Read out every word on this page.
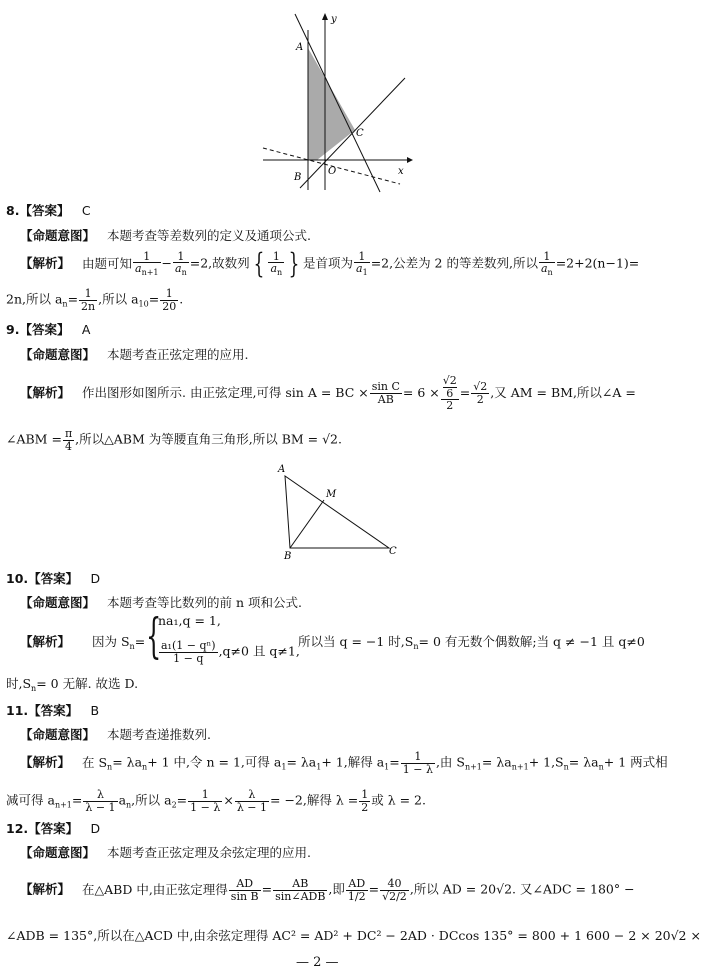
y
x
A
C
O
B
8.【答案】 C
【命题意图】 本题考查等差数列的定义及通项公式.
【解析】 由题可知 $\frac{1}{a_{n+1}} - \frac{1}{a_n} =2$,故数列 { $\frac{1}{a_n}$ } 是首项为 $\frac{1}{a_1} =2$,公差为 2 的等差数列,所以 $\frac{1}{a_n} =2+2(n-1)=$
2n,所以 $a_n= \frac{1}{2n}$ ,所以 $a_{10}= \frac{1}{20}$ .
9.【答案】 A
【命题意图】 本题考查正弦定理的应用.
【解析】 作出图形如图所示. 由正弦定理,可得 sin A = BC × $\frac{\text{sin C}}{AB} = 6 \times √2$
6
$2 = \frac{√2}{2}$ ,又 AM = BM,所以∠A =
∠ABM = $\frac{\pi}{4}$ ,所以△ABM 为等腰直角三角形,所以 BM = √2.
A
M
B	C
10.【答案】 D
【命题意图】 本题考查等比数列的前 n 项和公式.
【解析】 因为 $S_n=$ {
na₁,q = 1,
$\frac{\text{a₁(1 − qⁿ)}}{1 - q} ,q\ne 0$ 且 q≠1,
所以当 q = −1 时$,S_n= 0$ 有无数个偶数解;当 q ≠ −1 且 q≠0
时$,S_n= 0$ 无解. 故选 D.
11.【答案】 B
【命题意图】 本题考查递推数列.
【解析】 在 $S_n= \lambda a_n+ 1$ 中,令 n = 1,可得 $a_1= \lambda a_1+ 1$,解得 $a_1= \frac{1}{1 - \lambda}$ ,由 $S_{n+1}= \lambda a_{n+1}+ 1,S_n= \lambda a_n+ 1$ 两式相
减可得 $a_{n+1}= \frac{\lambda}{\lambda - 1} a_n$,所以 $a_2= \frac{1}{1 - \lambda} \times \frac{\lambda}{\lambda - 1} = -2$,解得 $\lambda = \frac{1}{2}$ 或 λ = 2.
12.【答案】 D
【命题意图】 本题考查正弦定理及余弦定理的应用.
【解析】 在△ABD 中,由正弦定理得 $\frac{AD}{\text{sin B}} = \frac{AB}{\text{sin∠ADB}}$ ,即 $\frac{AD}{1/2} = \frac{40}{√2/2}$ ,所以 AD = 20√2. 又∠ADC = 180° −
∠ADB = 135°,所以在△ACD 中,由余弦定理得 AC² = AD² + DC² − 2AD · DCcos 135° = 800 + 1 600 − 2 × 20√2 ×
— 2 —
